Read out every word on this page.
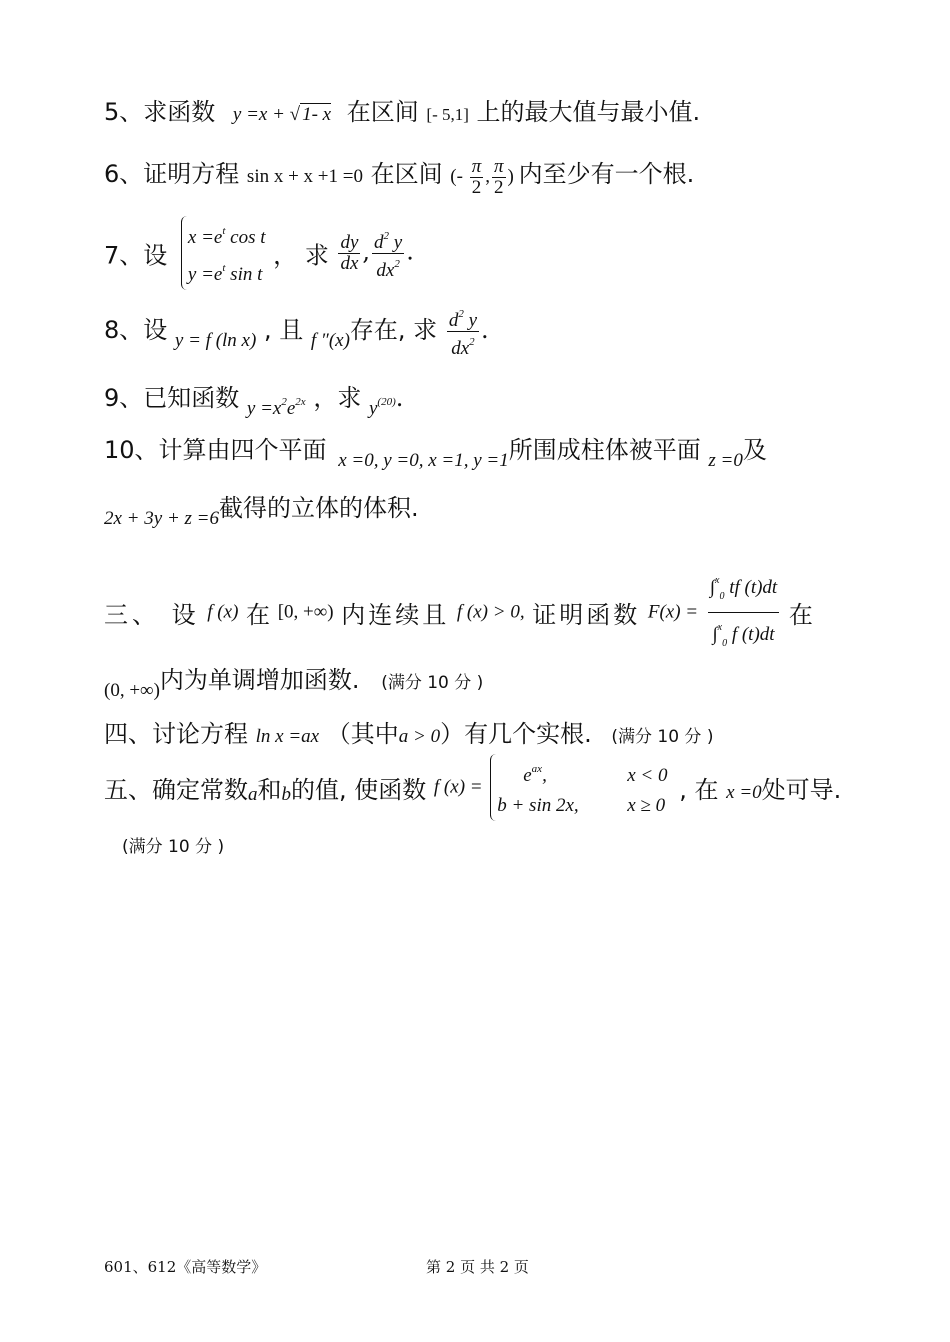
5、求函数 y =x + √ 1- x 在区间 [- 5,1] 上的最大值与最小值.
6、证明方程 sin x + x +1 =0 在区间 (- $\frac{\pi}{2}$ , $\frac{\pi}{2}$ ) 内至少有一个根.
7、设
$x =e^t$ cos t
$y =e^t$ sin t
， 求 $\frac{dy}{dx}$ , $\frac{d^2 y}{dx^2}$ .
8、设 $_{y = f (ln x)}$ , 且 $_{f ''(x)}$存在, 求 $\frac{d^2 y}{dx^2}$ .
9、已知函数 $_{y =x^2e^{2x}}$ ，求 $_{y^{(20)}}$.
10、计算由四个平面 $_{x =0, y =0, x =1, y =1}$所围成柱体被平面 $_{z =0}$及
$_{2x + 3y + z =6}$截得的立体的体积.
三、 设 f (x) 在 [0, +∞) 内连续且 f (x) > 0, 证明函数 $F(x) = \frac{\int^x_0 tf (t)dt}{\int^x_0 f (t)dt}$ 在
$_{(0, +\infty)}$内为单调增加函数. (满分 10 分 )
四、讨论方程 ln x =ax （其中a > 0）有几个实根. (满分 10 分 )
五、确定常数$_a$和$_b$的值, 使函数 f (x) =
$e^{ax}$,	x < 0
b + sin 2x,	x ≥ 0
, 在 x =0处可导.
(满分 10 分 )
601、612《高等数学》	第 2 页 共 2 页
